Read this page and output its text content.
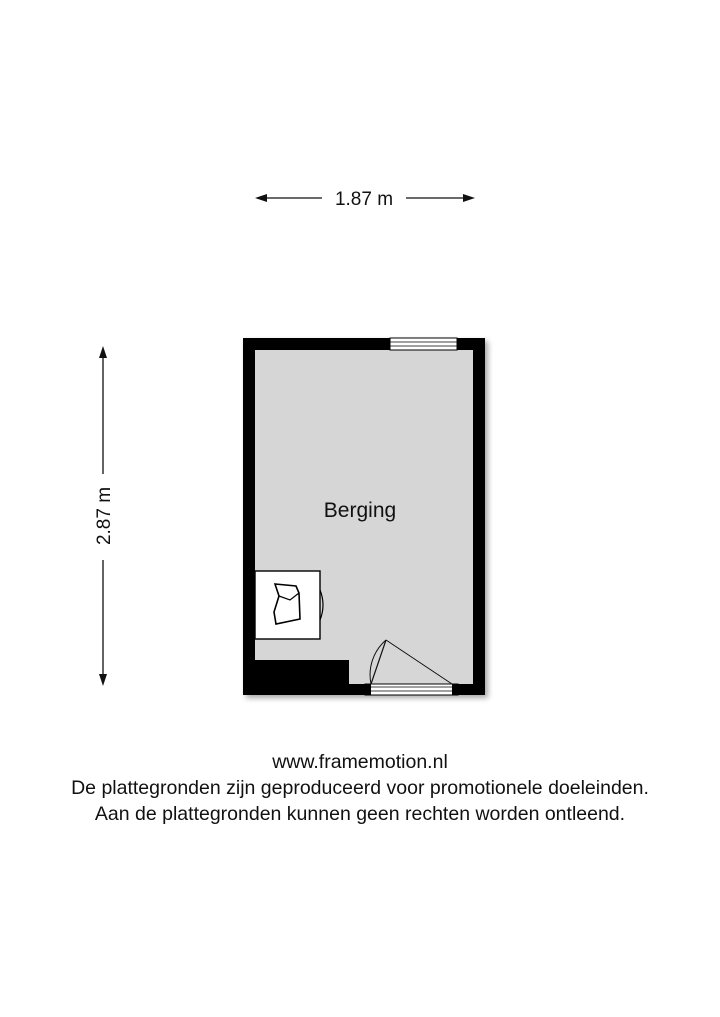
1.87 m
2.87 m	Berging
www.framemotion.nl
De plattegronden zijn geproduceerd voor promotionele doeleinden.
Aan de plattegronden kunnen geen rechten worden ontleend.
